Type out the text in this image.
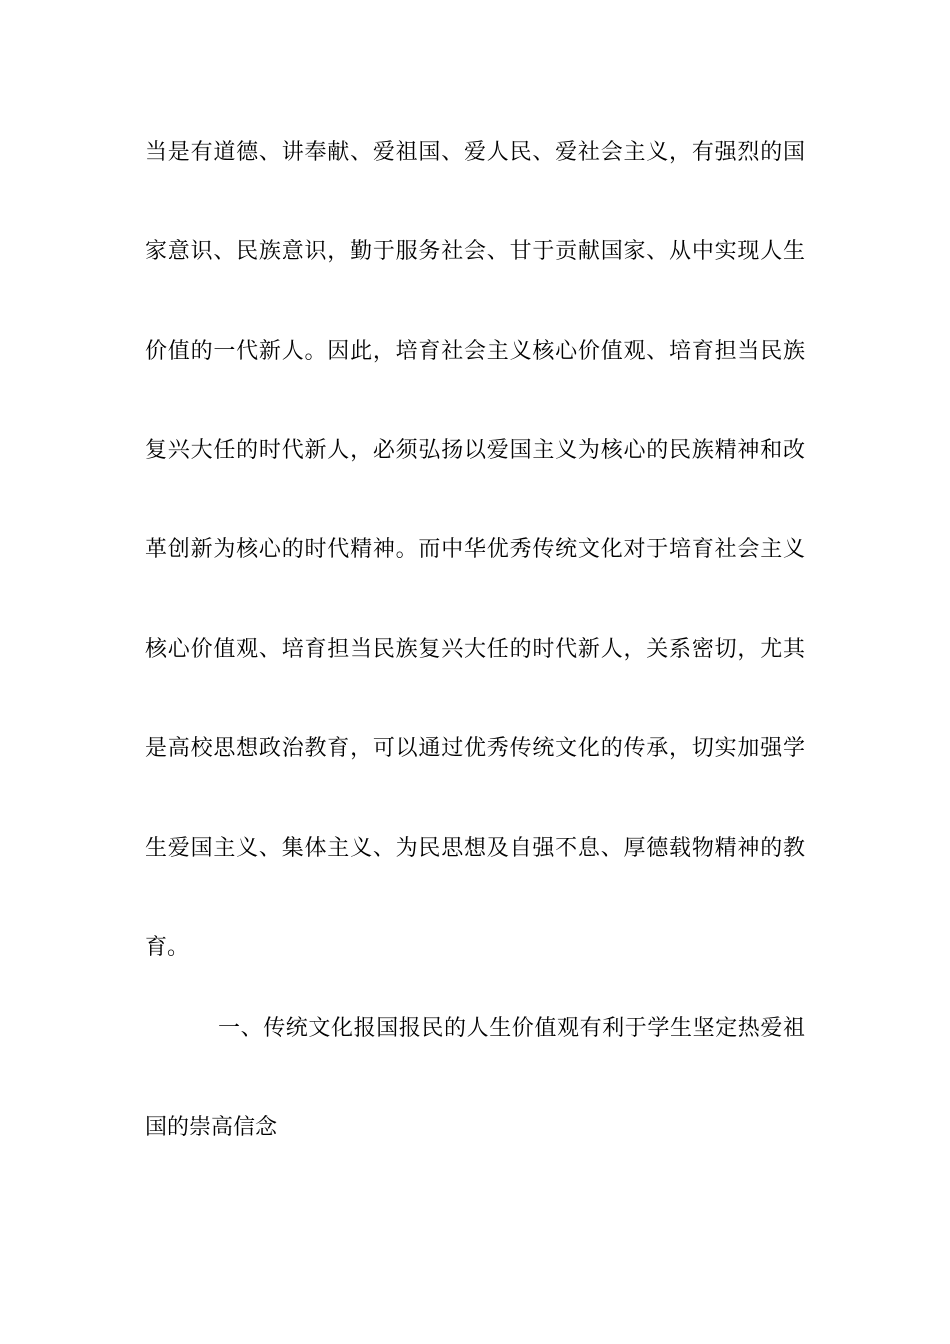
当是有道德、讲奉献、爱祖国、爱人民、爱社会主义，有强烈的国
家意识、民族意识，勤于服务社会、甘于贡献国家、从中实现人生
价值的一代新人。因此，培育社会主义核心价值观、培育担当民族
复兴大任的时代新人，必须弘扬以爱国主义为核心的民族精神和改
革创新为核心的时代精神。而中华优秀传统文化对于培育社会主义
核心价值观、培育担当民族复兴大任的时代新人，关系密切，尤其
是高校思想政治教育，可以通过优秀传统文化的传承，切实加强学
生爱国主义、集体主义、为民思想及自强不息、厚德载物精神的教
育。
一、传统文化报国报民的人生价值观有利于学生坚定热爱祖
国的崇高信念
